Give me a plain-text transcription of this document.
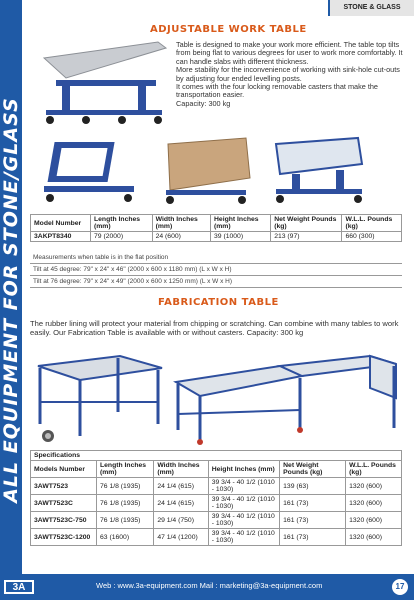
ALL EQUIPMENT FOR STONE/GLASS
STONE & GLASS
ADJUSTABLE WORK TABLE

Table is designed to make your work more efficient. The table top tilts from being flat to various degrees for user to work more comfortably. It can handle slabs with different thickness.

More stability for the inconvenience of working with sink-hole cut-outs by adjusting four ended levelling posts.

It comes with the four locking removable casters that make the transportation easier.

Capacity: 300 kg

Model Number	Length Inches (mm)	Width Inches (mm)	Height Inches (mm)	Net Weight Pounds (kg)	W.L.L. Pounds (kg)
3AKPT8340	79 (2000)	24 (600)	39 (1000)	213 (97)	660 (300)
Measurements when table is in the flat position
Tilt at 45 degree: 79" x 24" x 46" (2000 x 600 x 1180 mm) (L x W x H)
Tilt at 76 degree: 79" x 24" x 49" (2000 x 600 x 1250 mm) (L x W x H)
FABRICATION TABLE
The rubber lining will protect your material from chipping or scratching. Can combine with many tables to work easily. Our Fabrication Table is available with or without casters. Capacity: 300 kg
Specifications					
Models Number	Length Inches (mm)	Width Inches (mm)	Height Inches (mm)	Net Weight Pounds (kg)	W.L.L. Pounds (kg)
3AWT7523	76 1/8 (1935)	24 1/4 (615)	39 3/4 - 40 1/2 (1010 - 1030)	139 (63)	1320 (600)
3AWT7523C	76 1/8 (1935)	24 1/4 (615)	39 3/4 - 40 1/2 (1010 - 1030)	161 (73)	1320 (600)
3AWT7523C-750	76 1/8 (1935)	29 1/4 (750)	39 3/4 - 40 1/2 (1010 - 1030)	161 (73)	1320 (600)
3AWT7523C-1200	63 (1600)	47 1/4 (1200)	39 3/4 - 40 1/2 (1010 - 1030)	161 (73)	1320 (600)
3A	Web : www.3a-equipment.com Mail : marketing@3a-equipment.com	17
